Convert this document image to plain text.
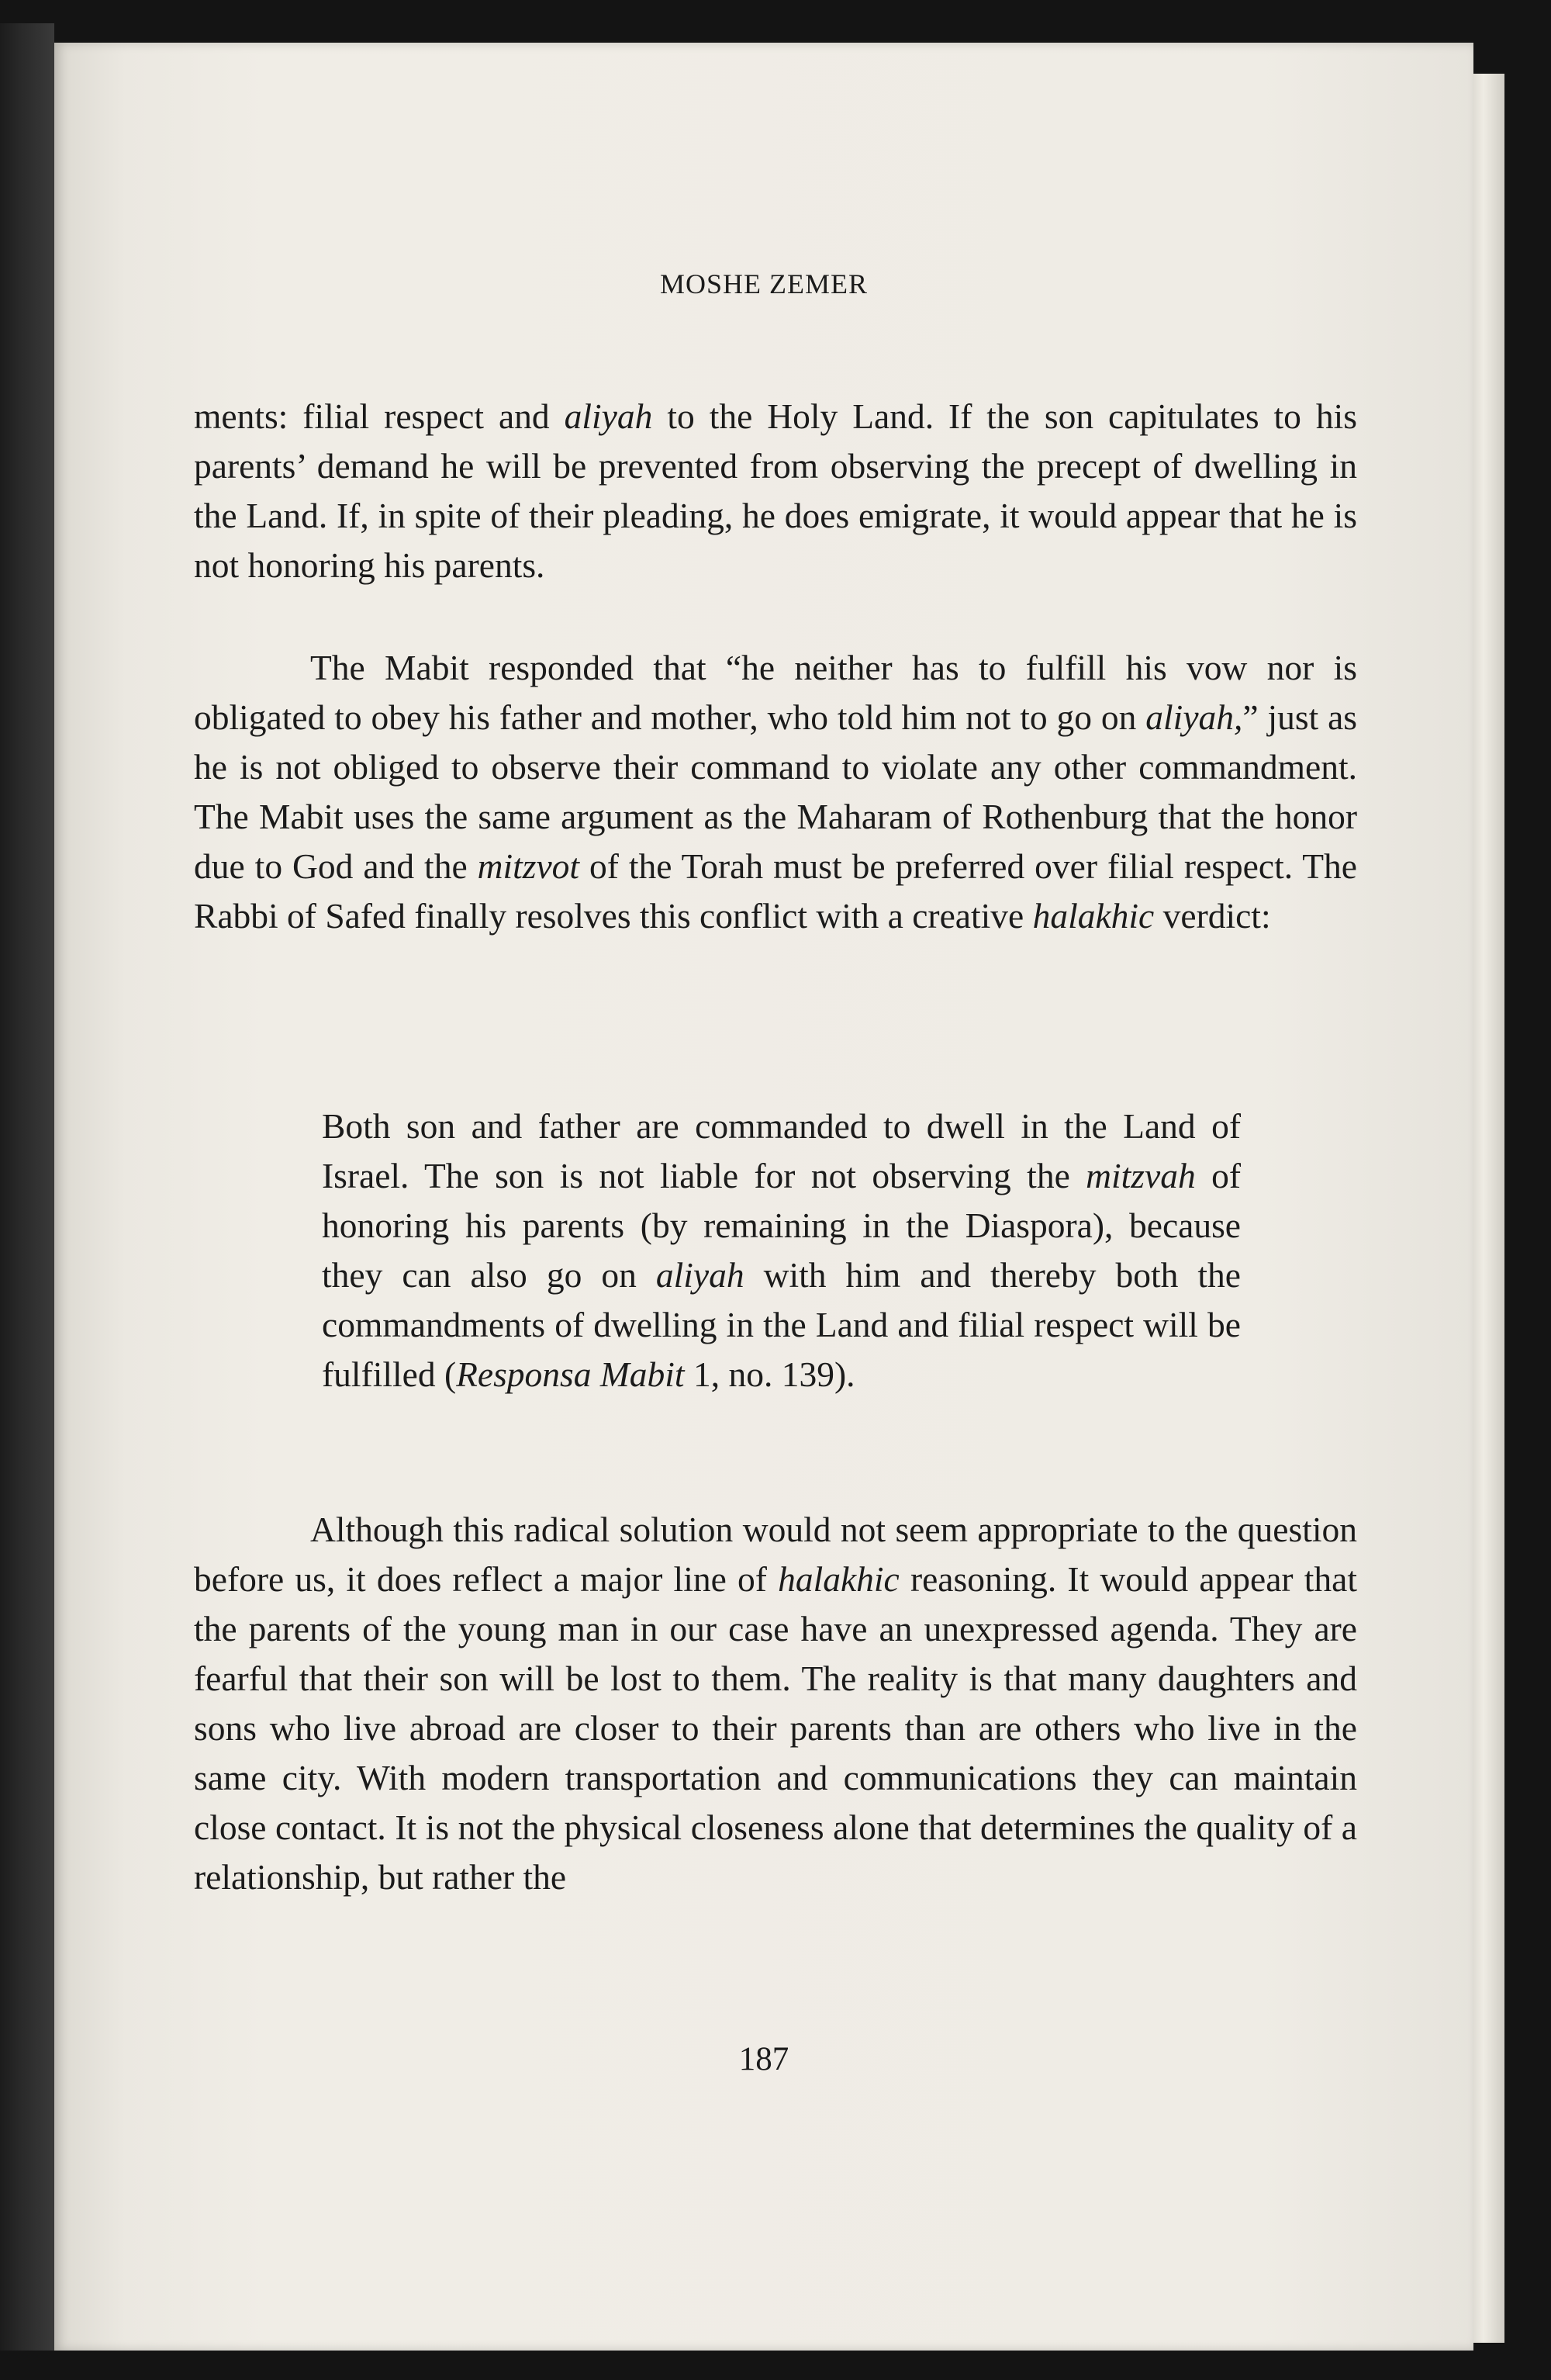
MOSHE ZEMER

ments: filial respect and aliyah to the Holy Land. If the son capitulates to his parents’ demand he will be prevented from observing the precept of dwelling in the Land. If, in spite of their pleading, he does emigrate, it would appear that he is not honoring his parents.

The Mabit responded that “he neither has to fulfill his vow nor is obligated to obey his father and mother, who told him not to go on aliyah,” just as he is not obliged to observe their command to violate any other commandment. The Mabit uses the same argument as the Maharam of Rothenburg that the honor due to God and the mitzvot of the Torah must be preferred over filial respect. The Rabbi of Safed finally resolves this conflict with a creative halakhic verdict:

Both son and father are commanded to dwell in the Land of Israel. The son is not liable for not observing the mitzvah of honoring his parents (by remaining in the Diaspora), because they can also go on aliyah with him and thereby both the commandments of dwelling in the Land and filial respect will be fulfilled (Responsa Mabit 1, no. 139).

Although this radical solution would not seem appropriate to the question before us, it does reflect a major line of halakhic reasoning. It would appear that the parents of the young man in our case have an unexpressed agenda. They are fearful that their son will be lost to them. The reality is that many daughters and sons who live abroad are closer to their parents than are others who live in the same city. With modern transportation and communications they can maintain close contact. It is not the physical closeness alone that determines the quality of a relationship, but rather the

187
